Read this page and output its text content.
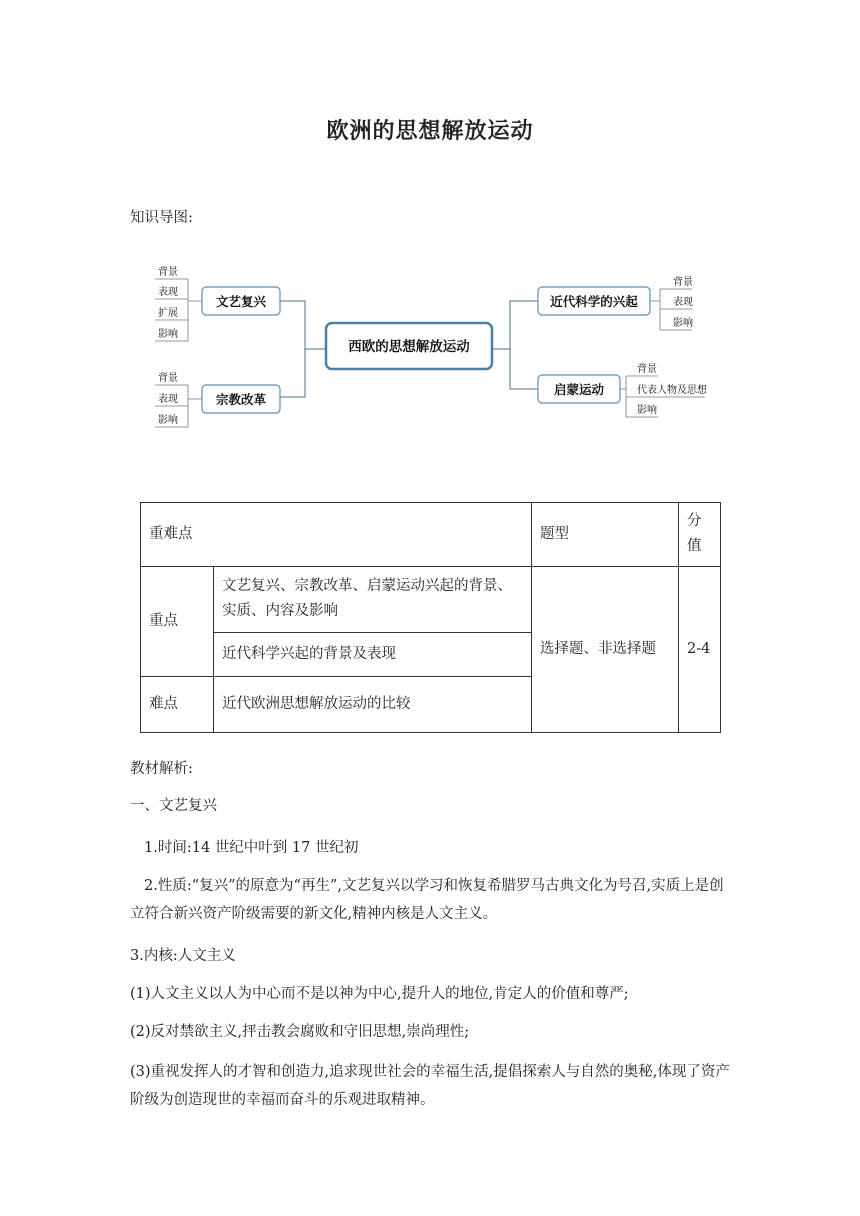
欧洲的思想解放运动
知识导图:
西欧的思想解放运动
文艺复兴
背景
表现
扩展
影响
宗教改革
背景
表现
影响
近代科学的兴起
背景
表现
影响
启蒙运动
背景
代表人物及思想
影响
重难点		题型	分值
重点	文艺复兴、宗教改革、启蒙运动兴起的背景、实质、内容及影响	选择题、非选择题	2-4
	近代科学兴起的背景及表现		
难点	近代欧洲思想解放运动的比较		
教材解析:
一、文艺复兴
1.时间:14 世纪中叶到 17 世纪初
2.性质:“复兴”的原意为“再生”,文艺复兴以学习和恢复希腊罗马古典文化为号召,实质上是创立符合新兴资产阶级需要的新文化,精神内核是人文主义。
3.内核:人文主义
(1)人文主义以人为中心而不是以神为中心,提升人的地位,肯定人的价值和尊严;
(2)反对禁欲主义,抨击教会腐败和守旧思想,崇尚理性;
(3)重视发挥人的才智和创造力,追求现世社会的幸福生活,提倡探索人与自然的奥秘,体现了资产阶级为创造现世的幸福而奋斗的乐观进取精神。
